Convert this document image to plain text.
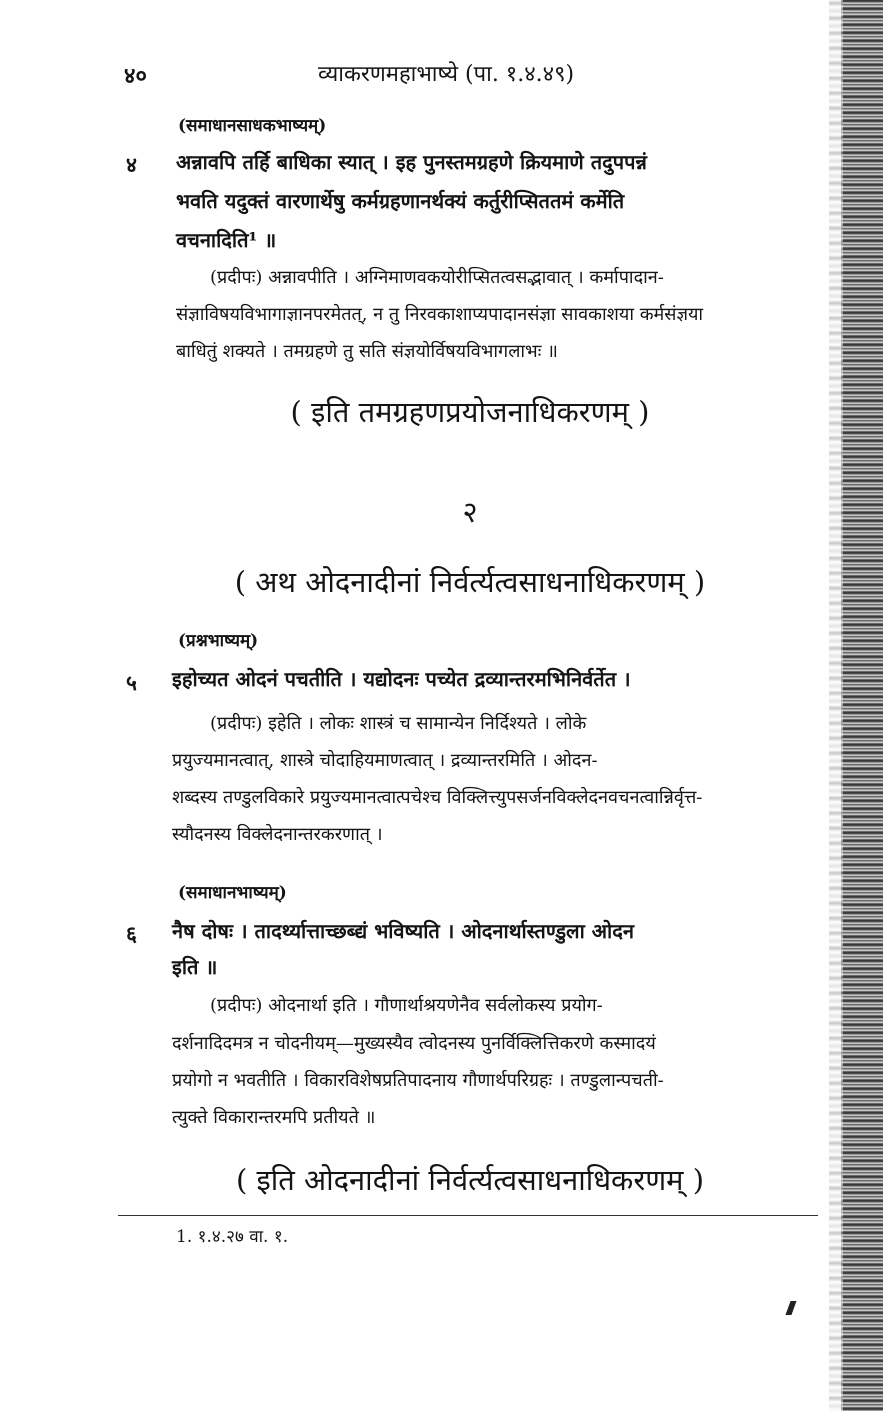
४०	व्याकरणमहाभाष्ये (पा. १.४.४९)
(समाधानसाधकभाष्यम्)
४ अन्नावपि तर्हि बाधिका स्यात् । इह पुनस्तमग्रहणे क्रियमाणे तदुपपन्नं
भवति यदुक्तं वारणार्थेषु कर्मग्रहणानर्थक्यं कर्तुरीप्सिततमं कर्मेति
वचनादिति¹ ॥
(प्रदीपः) अन्नावपीति । अग्निमाणवकयोरीप्सितत्वसद्भावात् । कर्मापादान-
संज्ञाविषयविभागाज्ञानपरमेतत्, न तु निरवकाशाप्यपादानसंज्ञा सावकाशया कर्मसंज्ञया
बाधितुं शक्यते । तमग्रहणे तु सति संज्ञयोर्विषयविभागलाभः ॥
( इति तमग्रहणप्रयोजनाधिकरणम् )
२
( अथ ओदनादीनां निर्वर्त्यत्वसाधनाधिकरणम् )
(प्रश्नभाष्यम्)
५ इहोच्यत ओदनं पचतीति । यद्योदनः पच्येत द्रव्यान्तरमभिनिर्वर्तेत ।
(प्रदीपः) इहेति । लोकः शास्त्रं च सामान्येन निर्दिश्यते । लोके
प्रयुज्यमानत्वात्, शास्त्रे चोदाहियमाणत्वात् । द्रव्यान्तरमिति । ओदन-
शब्दस्य तण्डुलविकारे प्रयुज्यमानत्वात्पचेश्च विक्लित्त्युपसर्जनविक्लेदनवचनत्वान्निर्वृत्त-
स्यौदनस्य विक्लेदनान्तरकरणात् ।
(समाधानभाष्यम्)
६ नैष दोषः । तादर्थ्यात्ताच्छब्द्यं भविष्यति । ओदनार्थास्तण्डुला ओदन
इति ॥
(प्रदीपः) ओदनार्था इति । गौणार्थाश्रयणेनैव सर्वलोकस्य प्रयोग-
दर्शनादिदमत्र न चोदनीयम्—मुख्यस्यैव त्वोदनस्य पुनर्विक्लित्तिकरणे कस्मादयं
प्रयोगो न भवतीति । विकारविशेषप्रतिपादनाय गौणार्थपरिग्रहः । तण्डुलान्पचती-
त्युक्ते विकारान्तरमपि प्रतीयते ॥
( इति ओदनादीनां निर्वर्त्यत्वसाधनाधिकरणम् )
1. १.४.२७ वा. १.
